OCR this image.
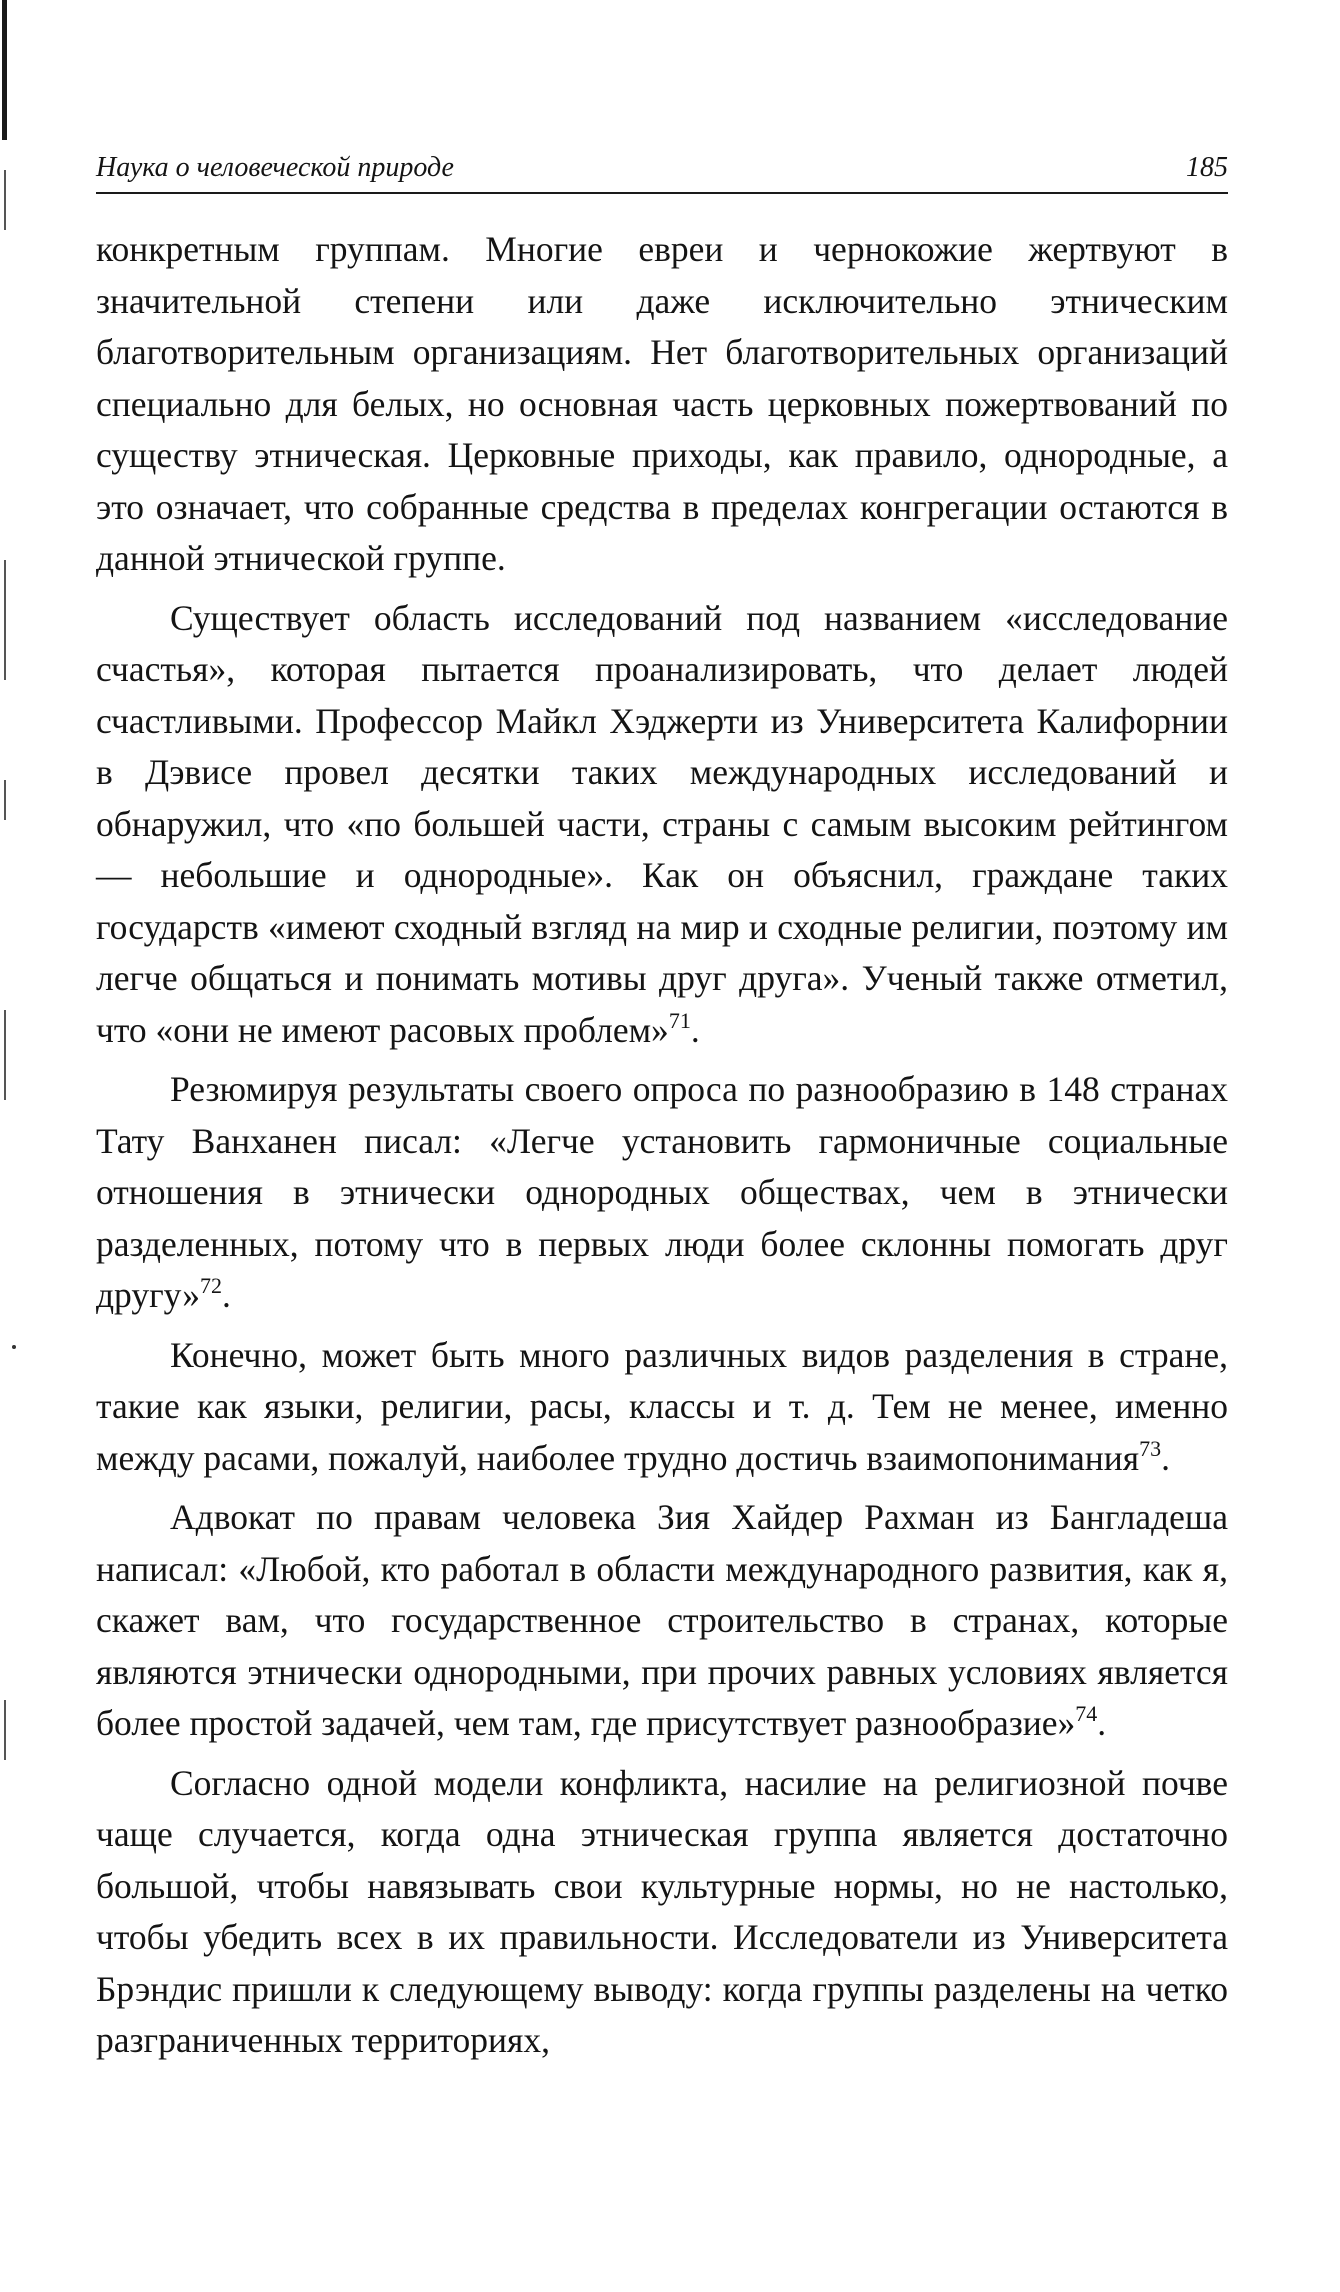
Наука о человеческой природе	185

конкретным группам. Многие евреи и чернокожие жертвуют в значительной степени или даже исключительно этническим благотворительным организациям. Нет благотворительных организаций специально для белых, но основная часть церковных пожертвований по существу этническая. Церковные приходы, как правило, однородные, а это означает, что собранные средства в пределах конгрегации остаются в данной этнической группе.

Существует область исследований под названием «исследование счастья», которая пытается проанализировать, что делает людей счастливыми. Профессор Майкл Хэджерти из Университета Калифорнии в Дэвисе провел десятки таких международных исследований и обнаружил, что «по большей части, страны с самым высоким рейтингом — небольшие и однородные». Как он объяснил, граждане таких государств «имеют сходный взгляд на мир и сходные религии, поэтому им легче общаться и понимать мотивы друг друга». Ученый также отметил, что «они не имеют расовых проблем»$^{71}$.

Резюмируя результаты своего опроса по разнообразию в 148 странах Тату Ванханен писал: «Легче установить гармоничные социальные отношения в этнически однородных обществах, чем в этнически разделенных, потому что в первых люди более склонны помогать друг другу»$^{72}$.

Конечно, может быть много различных видов разделения в стране, такие как языки, религии, расы, классы и т. д. Тем не менее, именно между расами, пожалуй, наиболее трудно достичь взаимопонимания$^{73}$.

Адвокат по правам человека Зия Хайдер Рахман из Бангладеша написал: «Любой, кто работал в области международного развития, как я, скажет вам, что государственное строительство в странах, которые являются этнически однородными, при прочих равных условиях является более простой задачей, чем там, где присутствует разнообразие»$^{74}$.

Согласно одной модели конфликта, насилие на религиозной почве чаще случается, когда одна этническая группа является достаточно большой, чтобы навязывать свои культурные нормы, но не настолько, чтобы убедить всех в их правильности. Исследователи из Университета Брэндис пришли к следующему выводу: когда группы разделены на четко разграниченных территориях,
